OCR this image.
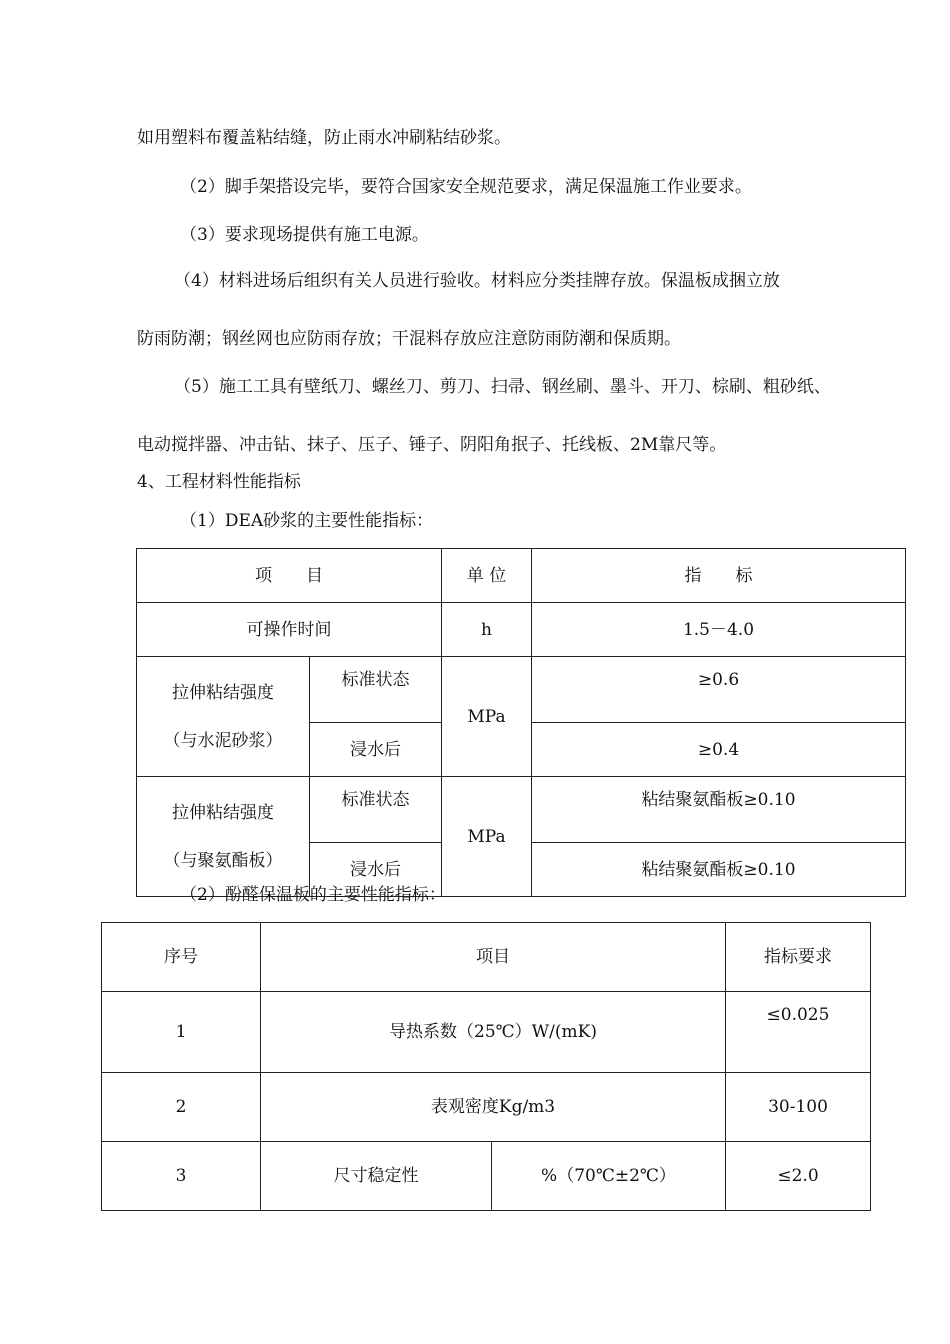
如用塑料布覆盖粘结缝，防止雨水冲刷粘结砂浆。
（2）脚手架搭设完毕，要符合国家安全规范要求，满足保温施工作业要求。
（3）要求现场提供有施工电源。
（4）材料进场后组织有关人员进行验收。材料应分类挂牌存放。保温板成捆立放
防雨防潮；钢丝网也应防雨存放；干混料存放应注意防雨防潮和保质期。
（5）施工工具有壁纸刀、螺丝刀、剪刀、扫帚、钢丝刷、墨斗、开刀、棕刷、粗砂纸、
电动搅拌器、冲击钻、抹子、压子、锤子、阴阳角抿子、托线板、2M靠尺等。
4、工程材料性能指标
（1）DEA砂浆的主要性能指标：
项　　目		单 位	指　　标
可操作时间		h	1.5－4.0

拉伸粘结强度
（与水泥砂浆）	标准状态	MPa	≥0.6
	浸水后		≥0.4

拉伸粘结强度
（与聚氨酯板）	标准状态	MPa	粘结聚氨酯板≥0.10
	浸水后		粘结聚氨酯板≥0.10
（2）酚醛保温板的主要性能指标：
序号	项目		指标要求
1	导热系数（25℃）W/(mK)		≤0.025
2	表观密度Kg/m3		30-100
3	尺寸稳定性	%（70℃±2℃）	≤2.0
